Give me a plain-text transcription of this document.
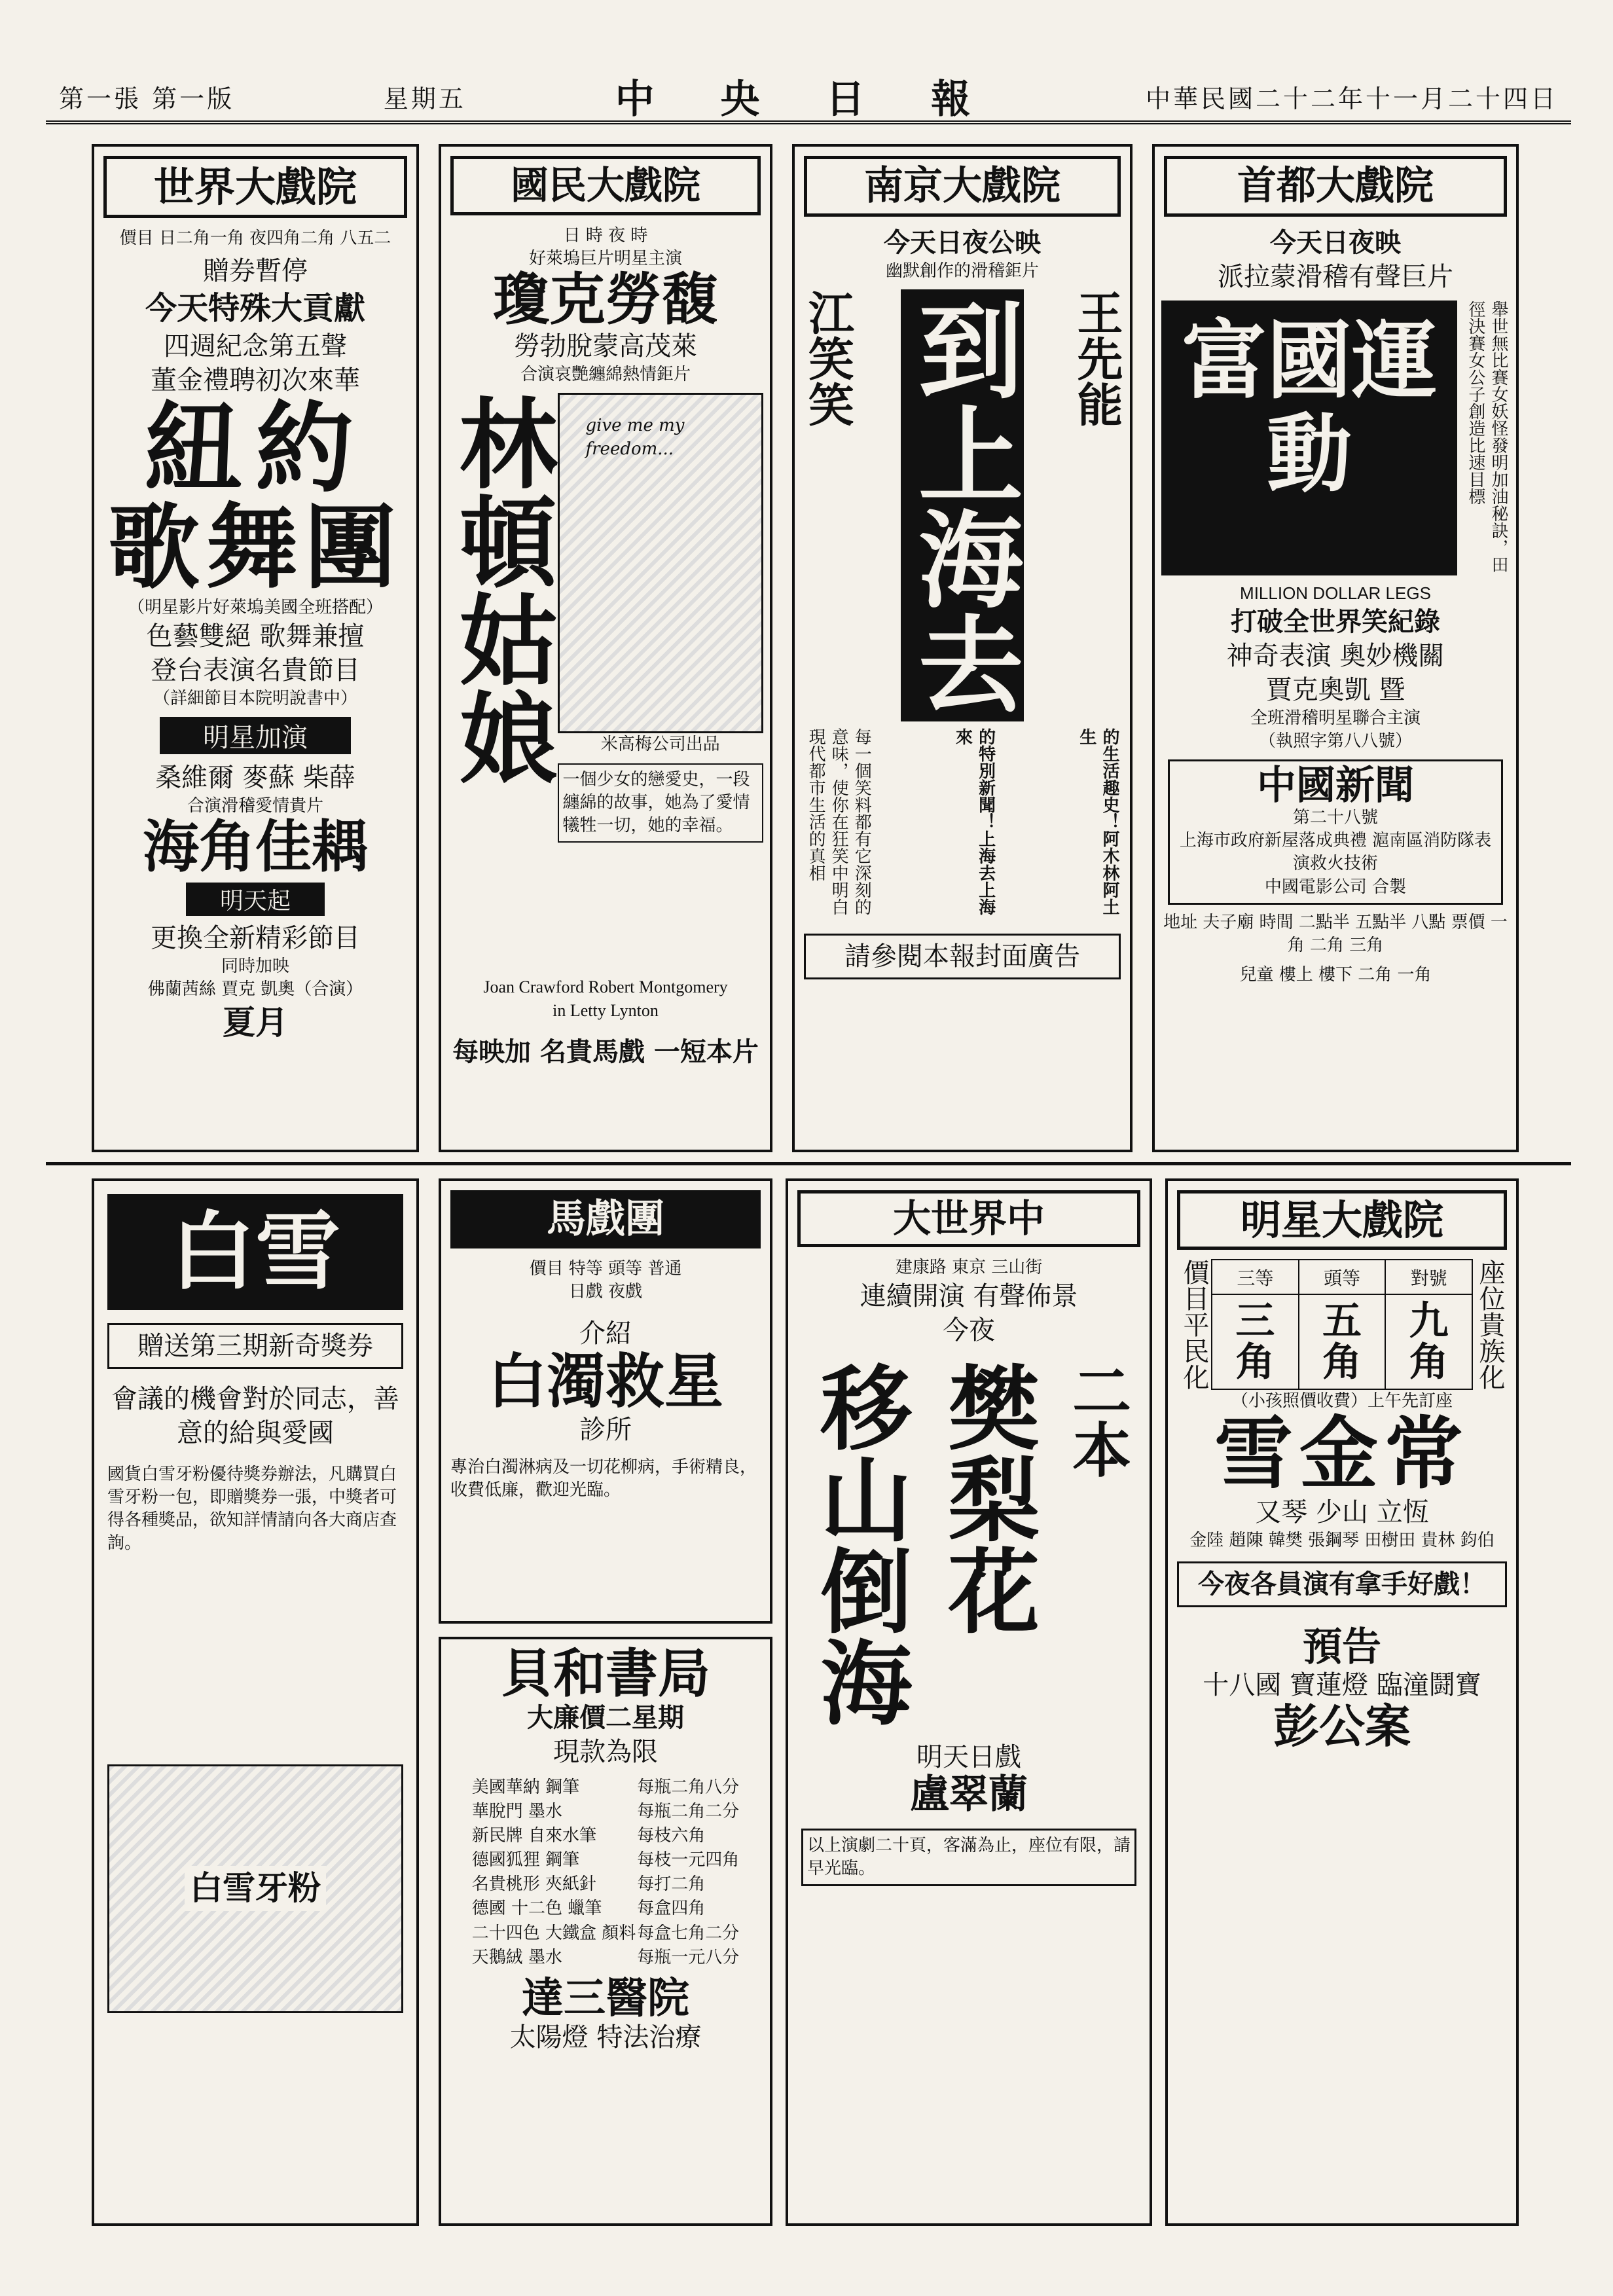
第一張 第一版	星期五	中 央 日 報	中華民國二十二年十一月二十四日
世界大戲院
價目 日二角一角 夜四角二角 八五二
贈券暫停
今天特殊大貢獻
四週紀念第五聲
董金禮聘初次來華
紐約
歌舞團
（明星影片好萊塢美國全班搭配）
色藝雙絕 歌舞兼擅
登台表演名貴節目
（詳細節目本院明說書中）
明星加演
桑維爾 麥蘇 柴薛
合演滑稽愛情貴片
海角佳耦
明天起
更換全新精彩節目
同時加映
佛蘭茜絲 賈克 凱奧（合演）
夏月
國民大戲院
日 時 夜 時
好萊塢巨片明星主演
瓊克勞馥
勞勃脫蒙高茂萊
合演哀艷纏綿熱情鉅片
林頓姑娘 give me my freedom...
米高梅公司出品
一個少女的戀愛史，一段纏綿的故事，她為了愛情犧牲一切，她的幸福。
Joan Crawford Robert Montgomery
in Letty Lynton
每映加 名貴馬戲 一短本片
南京大戲院
今天日夜公映
幽默創作的滑稽鉅片
江笑笑 到上海去 王先能
每一個笑料都有它深刻的意味，使你在狂笑中明白現代都市生活的真相	的特別新聞！上海去上海來	的生活趣史！阿木林阿土生
請參閱本報封面廣告
首都大戲院
今天日夜映
派拉蒙滑稽有聲巨片
富國運動	舉世無比賽女妖怪發明加油秘訣，田徑決賽女公子創造比速目標
MILLION DOLLAR LEGS
打破全世界笑紀錄
神奇表演 奧妙機關
賈克奧凱 暨
全班滑稽明星聯合主演
（執照字第八八號）
中國新聞
第二十八號
上海市政府新屋落成典禮 滬南區消防隊表演救火技術
中國電影公司 合製
地址 夫子廟 時間 二點半 五點半 八點 票價 一角 二角 三角
兒童 樓上 樓下 二角 一角
白雪
贈送第三期新奇獎券
會議的機會對於同志，善意的給與愛國
國貨白雪牙粉優待獎券辦法，凡購買白雪牙粉一包，即贈獎券一張，中獎者可得各種獎品，欲知詳情請向各大商店查詢。
白雪牙粉
大世界中
建康路 東京 三山街
連續開演 有聲佈景
今夜
移山倒海 樊梨花 二本
明天日戲
盧翠蘭
以上演劇二十頁，客滿為止，座位有限，請早光臨。
馬戲團
價目 特等 頭等 普通
日戲 夜戲
介紹
白濁救星
診所
專治白濁淋病及一切花柳病，手術精良，收費低廉，歡迎光臨。
貝和書局
大廉價二星期
現款為限
美國華納 鋼筆	每瓶二角八分
華脫門 墨水	每瓶二角二分
新民牌 自來水筆	每枝六角
德國狐狸 鋼筆	每枝一元四角
名貴桃形 夾紙針	每打二角
德國 十二色 蠟筆	每盒四角
二十四色 大鐵盒 顏料	每盒七角二分
天鵝絨 墨水	每瓶一元八分
達三醫院
太陽燈 特法治療
明星大戲院
價目平民化 三等	頭等	對號
三角	五角	九角 座位貴族化
（小孩照價收費）上午先訂座
雪金常
又琴 少山 立恆
金陸 趙陳 韓樊 張鋼琴 田樹田 貴林 鈞伯
今夜各員演有拿手好戲！
預告
十八國 寶蓮燈 臨潼鬪寶
彭公案
